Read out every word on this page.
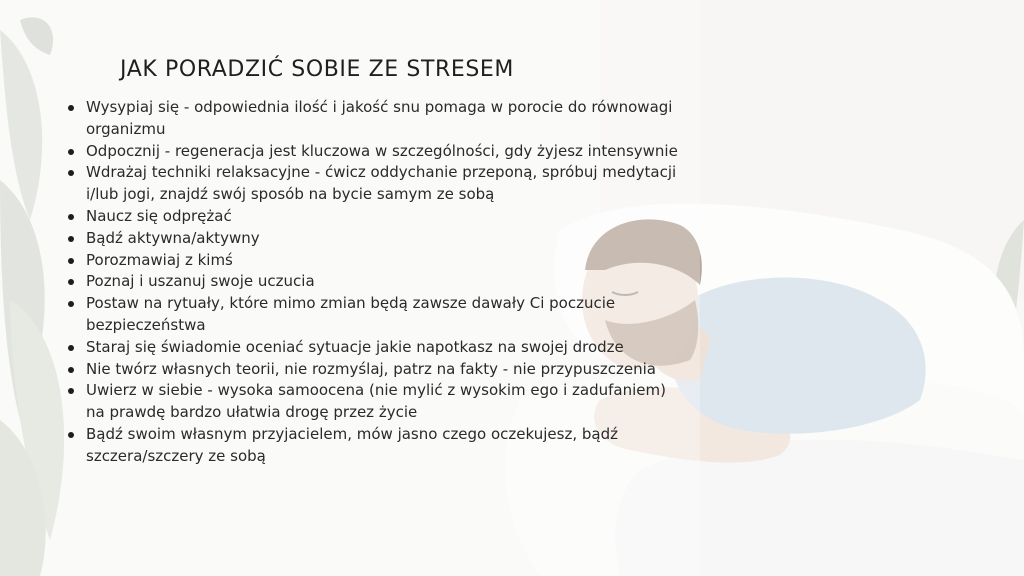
JAK PORADZIĆ SOBIE ZE STRESEM
Wysypiaj się - odpowiednia ilość i jakość snu pomaga w porocie do równowagi organizmu
Odpocznij - regeneracja jest kluczowa w szczególności, gdy żyjesz intensywnie
Wdrażaj techniki relaksacyjne - ćwicz oddychanie przeponą, spróbuj medytacji i/lub jogi, znajdź swój sposób na bycie samym ze sobą
Naucz się odprężać
Bądź aktywna/aktywny
Porozmawiaj z kimś
Poznaj i uszanuj swoje uczucia
Postaw na rytuały, które mimo zmian będą zawsze dawały Ci poczucie bezpieczeństwa
Staraj się świadomie oceniać sytuacje jakie napotkasz na swojej drodze
Nie twórz własnych teorii, nie rozmyślaj, patrz na fakty - nie przypuszczenia
Uwierz w siebie - wysoka samoocena (nie mylić z wysokim ego i zadufaniem) na prawdę bardzo ułatwia drogę przez życie
Bądź swoim własnym przyjacielem, mów jasno czego oczekujesz, bądź szczera/szczery ze sobą
